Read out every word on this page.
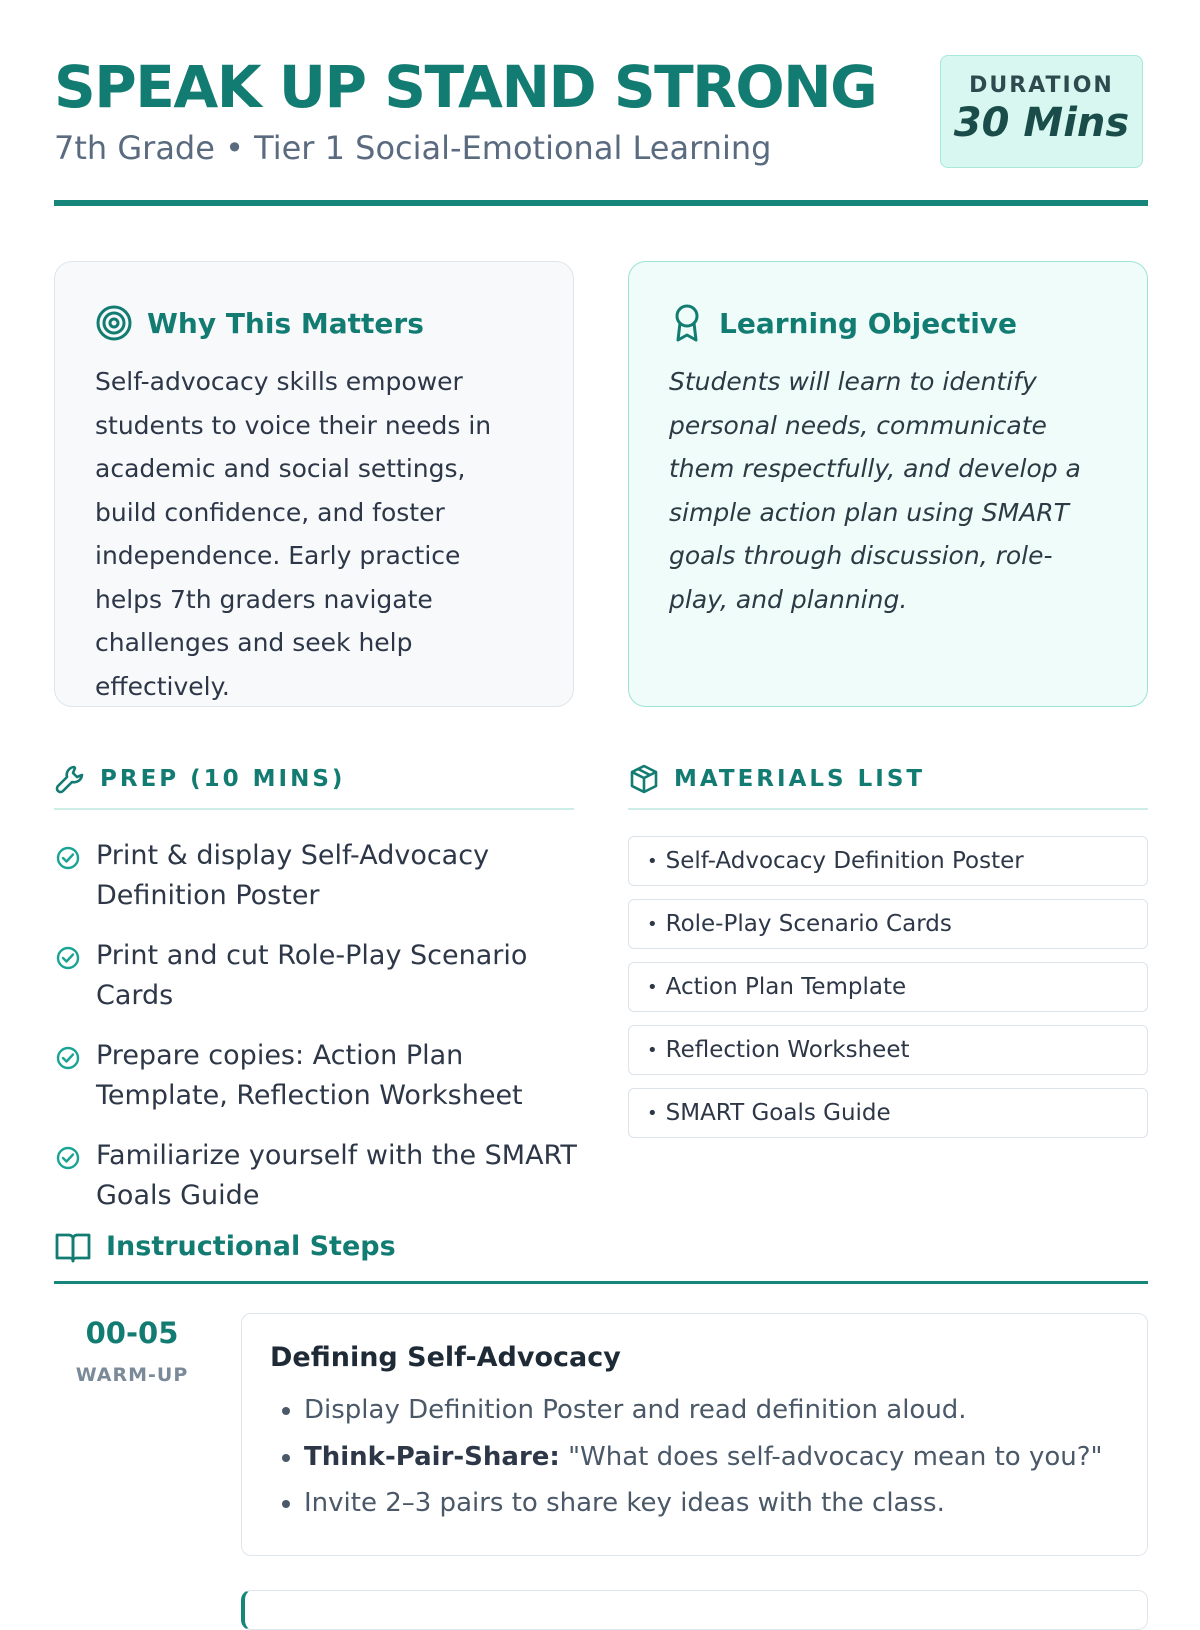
SPEAK UP STAND STRONG
7th Grade • Tier 1 Social-Emotional Learning
DURATION
30 Mins
Why This Matters
Self-advocacy skills empower students to voice their needs in academic and social settings, build confidence, and foster independence. Early practice helps 7th graders navigate challenges and seek help effectively.
Learning Objective
Students will learn to identify personal needs, communicate them respectfully, and develop a simple action plan using SMART goals through discussion, role-play, and planning.
PREP (10 MINS)	MATERIALS LIST
Print & display Self-Advocacy Definition Poster
Print and cut Role-Play Scenario Cards
Prepare copies: Action Plan Template, Reflection Worksheet
Familiarize yourself with the SMART Goals Guide
• Self-Advocacy Definition Poster
• Role-Play Scenario Cards
• Action Plan Template
• Reflection Worksheet
• SMART Goals Guide
Instructional Steps
00-05
WARM-UP
Defining Self-Advocacy
• Display Definition Poster and read definition aloud.
• Think-Pair-Share: "What does self-advocacy mean to you?"
• Invite 2–3 pairs to share key ideas with the class.
